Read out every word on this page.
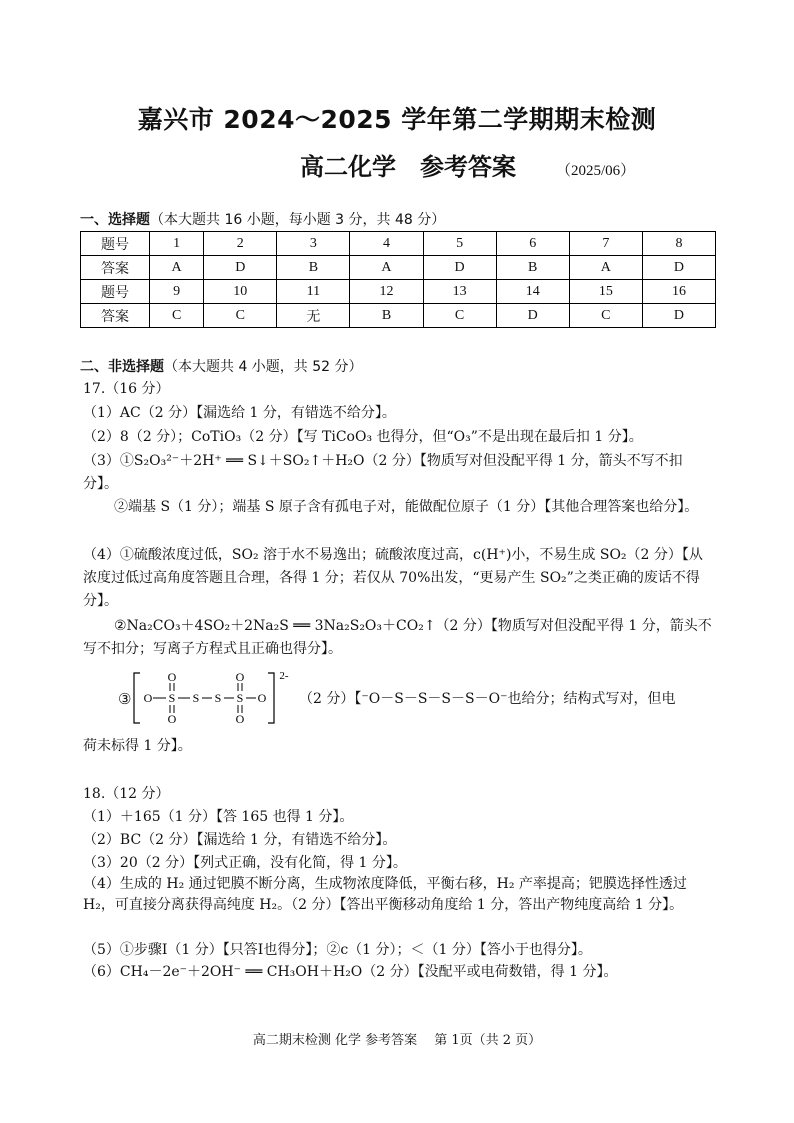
嘉兴市 2024～2025 学年第二学期期末检测
高二化学　参考答案	（2025/06）
一、选择题（本大题共 16 小题，每小题 3 分，共 48 分）
题号	1	2	3	4	5	6	7	8
答案	A	D	B	A	D	B	A	D
题号	9	10	11	12	13	14	15	16
答案	C	C	无	B	C	D	C	D
二、非选择题（本大题共 4 小题，共 52 分）
17.（16 分）
（1）AC（2 分）【漏选给 1 分，有错选不给分】。
（2）8（2 分）；CoTiO₃（2 分）【写 TiCoO₃ 也得分，但“O₃”不是出现在最后扣 1 分】。
（3）①S₂O₃²⁻＋2H⁺ ══ S↓＋SO₂↑＋H₂O（2 分）【物质写对但没配平得 1 分，箭头不写不扣分】。
②端基 S（1 分）；端基 S 原子含有孤电子对，能做配位原子（1 分）【其他合理答案也给分】。
（4）①硫酸浓度过低，SO₂ 溶于水不易逸出；硫酸浓度过高，c(H⁺)小，不易生成 SO₂（2 分）【从浓度过低过高角度答题且合理，各得 1 分；若仅从 70%出发，“更易产生 SO₂”之类正确的废话不得分】。
②Na₂CO₃＋4SO₂＋2Na₂S ══ 3Na₂S₂O₃＋CO₂↑（2 分）【物质写对但没配平得 1 分，箭头不写不扣分；写离子方程式且正确也得分】。
③ O S
O
O
S S S
O
O
O
2-
（2 分）【⁻O－S－S－S－S－O⁻也给分；结构式写对，但电
荷未标得 1 分】。
18.（12 分）
（1）＋165（1 分）【答 165 也得 1 分】。
（2）BC（2 分）【漏选给 1 分，有错选不给分】。
（3）20（2 分）【列式正确，没有化简，得 1 分】。
（4）生成的 H₂ 通过钯膜不断分离，生成物浓度降低，平衡右移，H₂ 产率提高；钯膜选择性透过 H₂，可直接分离获得高纯度 H₂。（2 分）【答出平衡移动角度给 1 分，答出产物纯度高给 1 分】。
（5）①步骤Ⅰ（1 分）【只答Ⅰ也得分】；②c（1 分）；＜（1 分）【答小于也得分】。
（6）CH₄－2e⁻＋2OH⁻ ══ CH₃OH＋H₂O（2 分）【没配平或电荷数错，得 1 分】。
高二期末检测 化学 参考答案　 第 1页（共 2 页）
